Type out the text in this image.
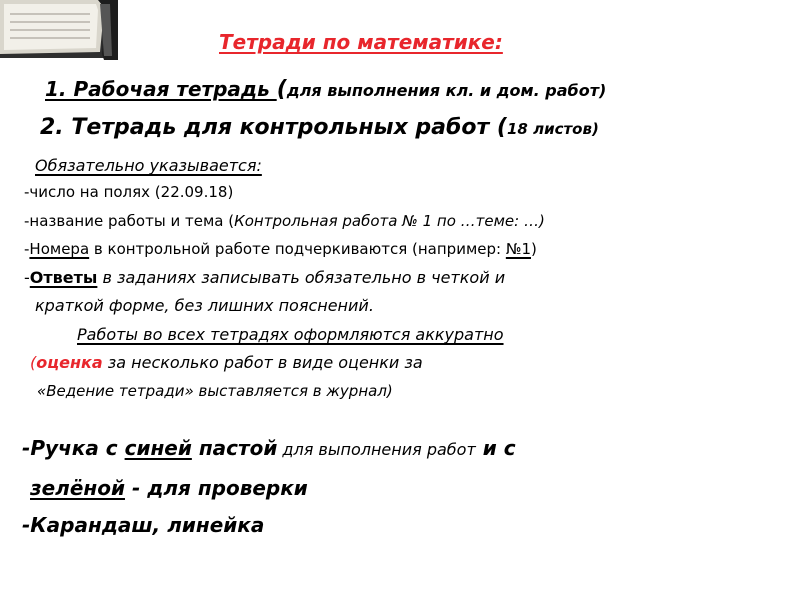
Тетради по математике:
1. Рабочая тетрадь (для выполнения кл. и дом. работ)
2. Тетрадь для контрольных работ (18 листов)
Обязательно указывается:
-число на полях (22.09.18)
-название работы и тема (Контрольная работа № 1 по …теме: …)
-Номера в контрольной работе подчеркиваются (например: №1)
-Ответы в заданиях записывать обязательно в четкой и
краткой форме, без лишних пояснений.
Работы во всех тетрадях оформляются аккуратно
(оценка за несколько работ в виде оценки за
«Ведение тетради» выставляется в журнал)
-Ручка с синей пастой для выполнения работ и с
зелёной - для проверки
-Карандаш, линейка
